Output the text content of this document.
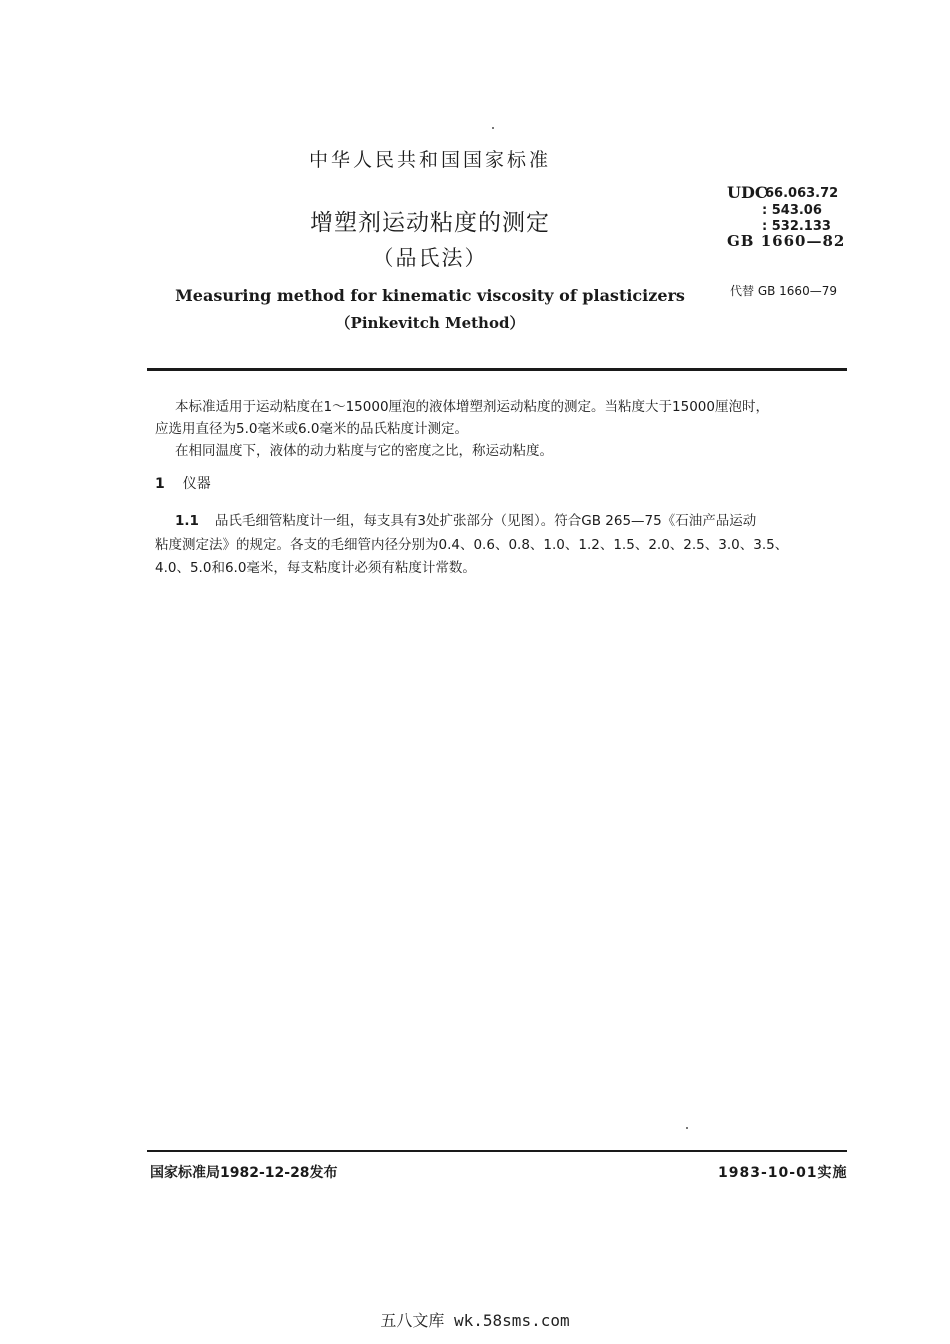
中华人民共和国国家标准
增塑剂运动粘度的测定
（品氏法）
Measuring method for kinematic viscosity of plasticizers
（Pinkevitch Method）
UDC
66.063.72
: 543.06
: 532.133
GB 1660—82
代替 GB 1660—79
本标准适用于运动粘度在1～15000厘泡的液体增塑剂运动粘度的测定。当粘度大于15000厘泡时，
应选用直径为5.0毫米或6.0毫米的品氏粘度计测定。
在相同温度下，液体的动力粘度与它的密度之比，称运动粘度。
1 仪器
1.1 品氏毛细管粘度计一组，每支具有3处扩张部分（见图）。符合GB 265—75《石油产品运动
粘度测定法》的规定。各支的毛细管内径分别为0.4、0.6、0.8、1.0、1.2、1.5、2.0、2.5、3.0、3.5、
4.0、5.0和6.0毫米，每支粘度计必须有粘度计常数。
国家标准局1982-12-28发布	1983-10-01实施
五八文库 wk.58sms.com
